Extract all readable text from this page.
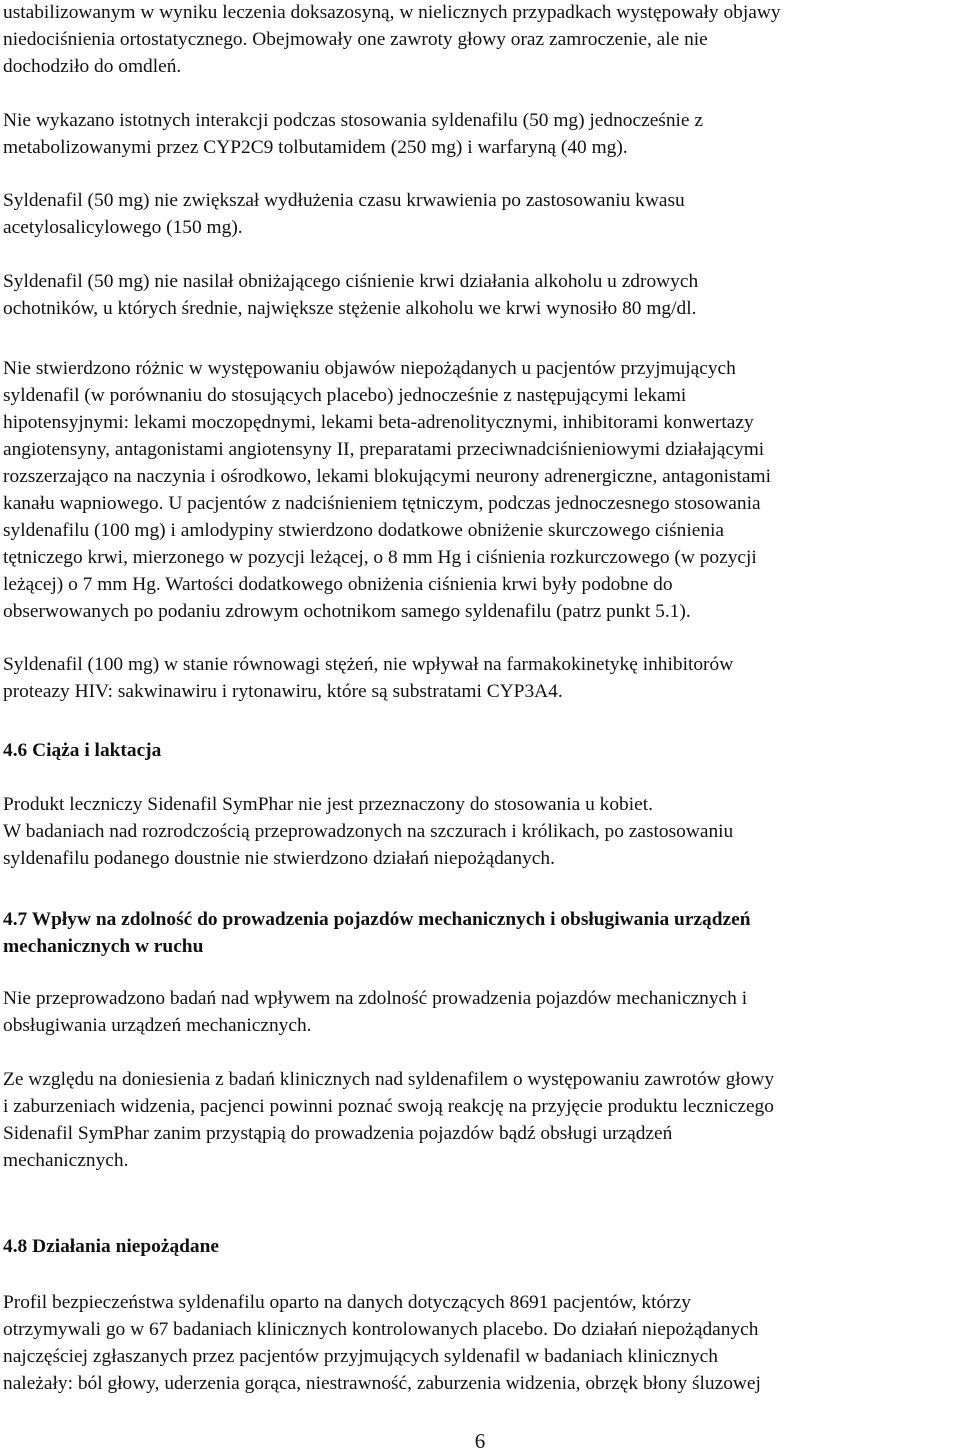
ustabilizowanym w wyniku leczenia doksazosyną, w nielicznych przypadkach występowały objawy
niedociśnienia ortostatycznego. Obejmowały one zawroty głowy oraz zamroczenie, ale nie
dochodziło do omdleń.
Nie wykazano istotnych interakcji podczas stosowania syldenafilu (50 mg) jednocześnie z
metabolizowanymi przez CYP2C9 tolbutamidem (250 mg) i warfaryną (40 mg).
Syldenafil (50 mg) nie zwiększał wydłużenia czasu krwawienia po zastosowaniu kwasu
acetylosalicylowego (150 mg).
Syldenafil (50 mg) nie nasilał obniżającego ciśnienie krwi działania alkoholu u zdrowych
ochotników, u których średnie, największe stężenie alkoholu we krwi wynosiło 80 mg/dl.
Nie stwierdzono różnic w występowaniu objawów niepożądanych u pacjentów przyjmujących
syldenafil (w porównaniu do stosujących placebo) jednocześnie z następującymi lekami
hipotensyjnymi: lekami moczopędnymi, lekami beta-adrenolitycznymi, inhibitorami konwertazy
angiotensyny, antagonistami angiotensyny II, preparatami przeciwnadciśnieniowymi działającymi
rozszerzająco na naczynia i ośrodkowo, lekami blokującymi neurony adrenergiczne, antagonistami
kanału wapniowego. U pacjentów z nadciśnieniem tętniczym, podczas jednoczesnego stosowania
syldenafilu (100 mg) i amlodypiny stwierdzono dodatkowe obniżenie skurczowego ciśnienia
tętniczego krwi, mierzonego w pozycji leżącej, o 8 mm Hg i ciśnienia rozkurczowego (w pozycji
leżącej) o 7 mm Hg. Wartości dodatkowego obniżenia ciśnienia krwi były podobne do
obserwowanych po podaniu zdrowym ochotnikom samego syldenafilu (patrz punkt 5.1).
Syldenafil (100 mg) w stanie równowagi stężeń, nie wpływał na farmakokinetykę inhibitorów
proteazy HIV: sakwinawiru i rytonawiru, które są substratami CYP3A4.
4.6 Ciąża i laktacja
Produkt leczniczy Sidenafil SymPhar nie jest przeznaczony do stosowania u kobiet.
W badaniach nad rozrodczością przeprowadzonych na szczurach i królikach, po zastosowaniu
syldenafilu podanego doustnie nie stwierdzono działań niepożądanych.
4.7 Wpływ na zdolność do prowadzenia pojazdów mechanicznych i obsługiwania urządzeń
mechanicznych w ruchu
Nie przeprowadzono badań nad wpływem na zdolność prowadzenia pojazdów mechanicznych i
obsługiwania urządzeń mechanicznych.
Ze względu na doniesienia z badań klinicznych nad syldenafilem o występowaniu zawrotów głowy
i zaburzeniach widzenia, pacjenci powinni poznać swoją reakcję na przyjęcie produktu leczniczego
Sidenafil SymPhar zanim przystąpią do prowadzenia pojazdów bądź obsługi urządzeń
mechanicznych.
4.8 Działania niepożądane
Profil bezpieczeństwa syldenafilu oparto na danych dotyczących 8691 pacjentów, którzy
otrzymywali go w 67 badaniach klinicznych kontrolowanych placebo. Do działań niepożądanych
najczęściej zgłaszanych przez pacjentów przyjmujących syldenafil w badaniach klinicznych
należały: ból głowy, uderzenia gorąca, niestrawność, zaburzenia widzenia, obrzęk błony śluzowej
6
